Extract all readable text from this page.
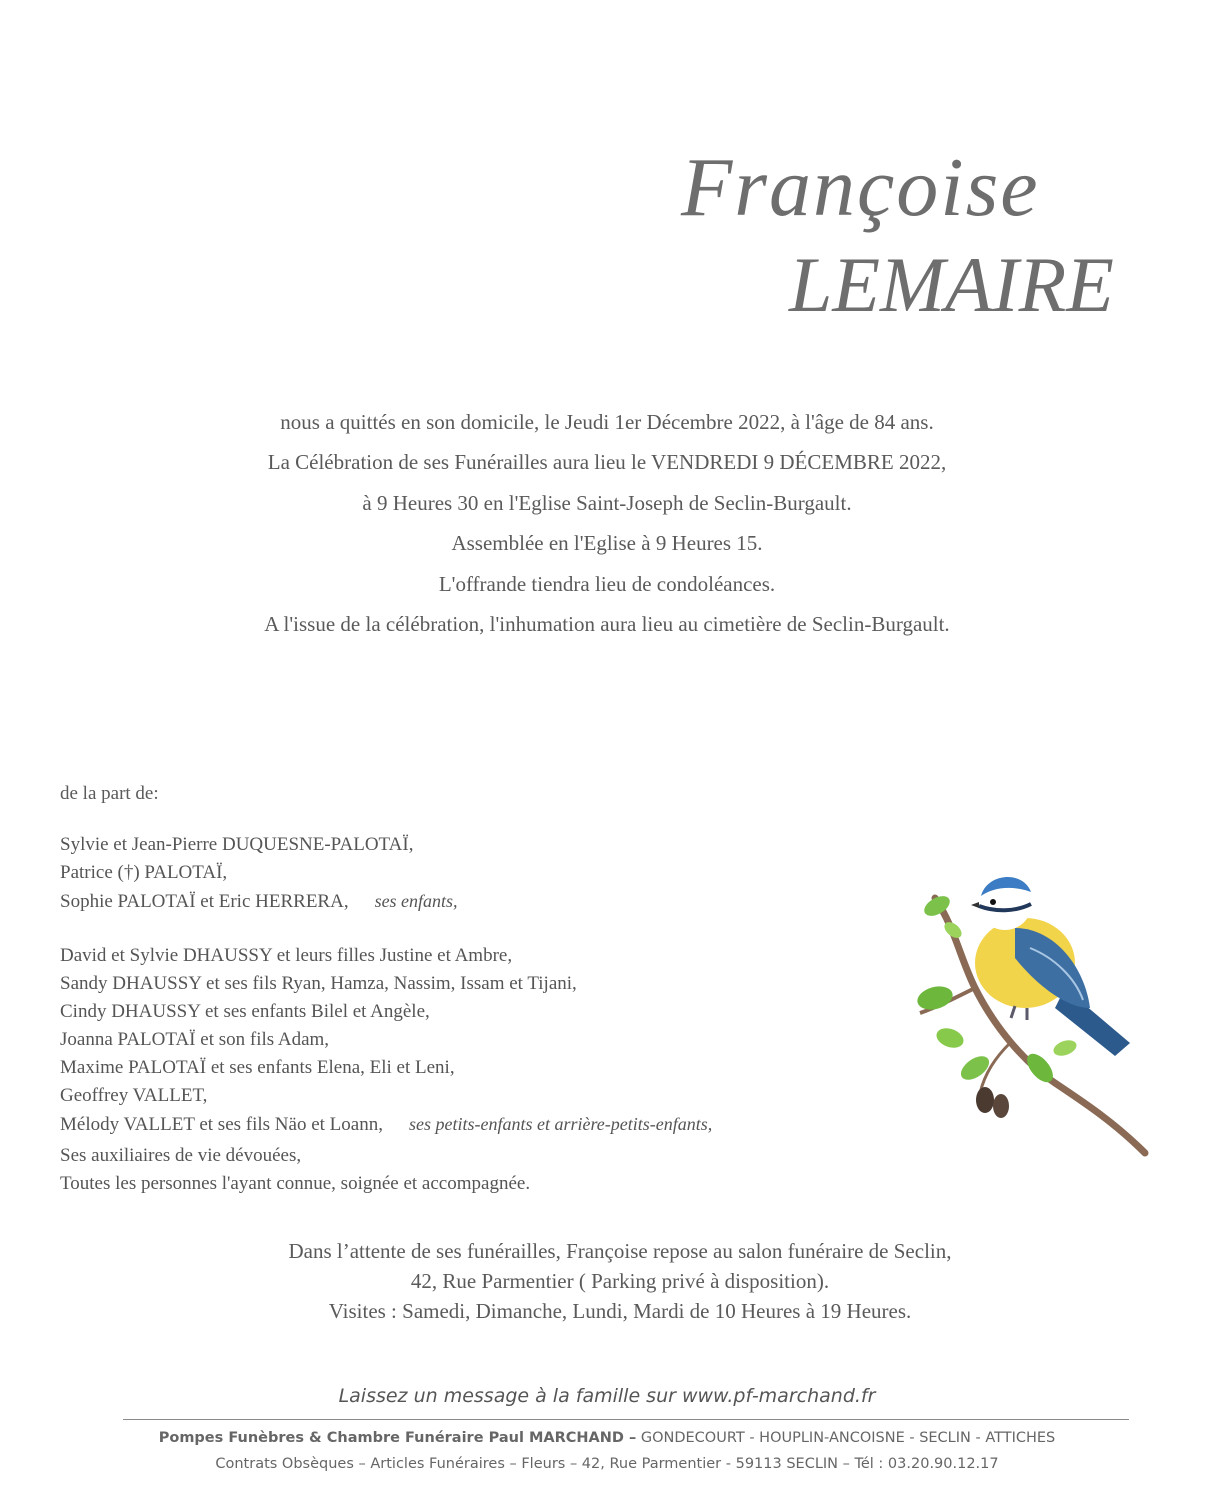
Françoise
LEMAIRE
nous a quittés en son domicile, le Jeudi 1er Décembre 2022, à l'âge de 84 ans.
La Célébration de ses Funérailles aura lieu le VENDREDI 9 DÉCEMBRE 2022,
à 9 Heures 30 en l'Eglise Saint-Joseph de Seclin-Burgault.
Assemblée en l'Eglise à 9 Heures 15.
L'offrande tiendra lieu de condoléances.
A l'issue de la célébration, l'inhumation aura lieu au cimetière de Seclin-Burgault.
de la part de:
Sylvie et Jean-Pierre DUQUESNE-PALOTAÏ,
Patrice (†) PALOTAÏ,
Sophie PALOTAÏ et Eric HERRERA, ses enfants,
David et Sylvie DHAUSSY et leurs filles Justine et Ambre,
Sandy DHAUSSY et ses fils Ryan, Hamza, Nassim, Issam et Tijani,
Cindy DHAUSSY et ses enfants Bilel et Angèle,
Joanna PALOTAÏ et son fils Adam,
Maxime PALOTAÏ et ses enfants Elena, Eli et Leni,
Geoffrey VALLET,
Mélody VALLET et ses fils Näo et Loann, ses petits-enfants et arrière-petits-enfants,
Ses auxiliaires de vie dévouées,
Toutes les personnes l'ayant connue, soignée et accompagnée.
Dans l’attente de ses funérailles, Françoise repose au salon funéraire de Seclin,
42, Rue Parmentier ( Parking privé à disposition).
Visites : Samedi, Dimanche, Lundi, Mardi de 10 Heures à 19 Heures.
Laissez un message à la famille sur www.pf-marchand.fr
Pompes Funèbres & Chambre Funéraire Paul MARCHAND – GONDECOURT - HOUPLIN-ANCOISNE - SECLIN - ATTICHES
Contrats Obsèques – Articles Funéraires – Fleurs – 42, Rue Parmentier - 59113 SECLIN – Tél : 03.20.90.12.17
